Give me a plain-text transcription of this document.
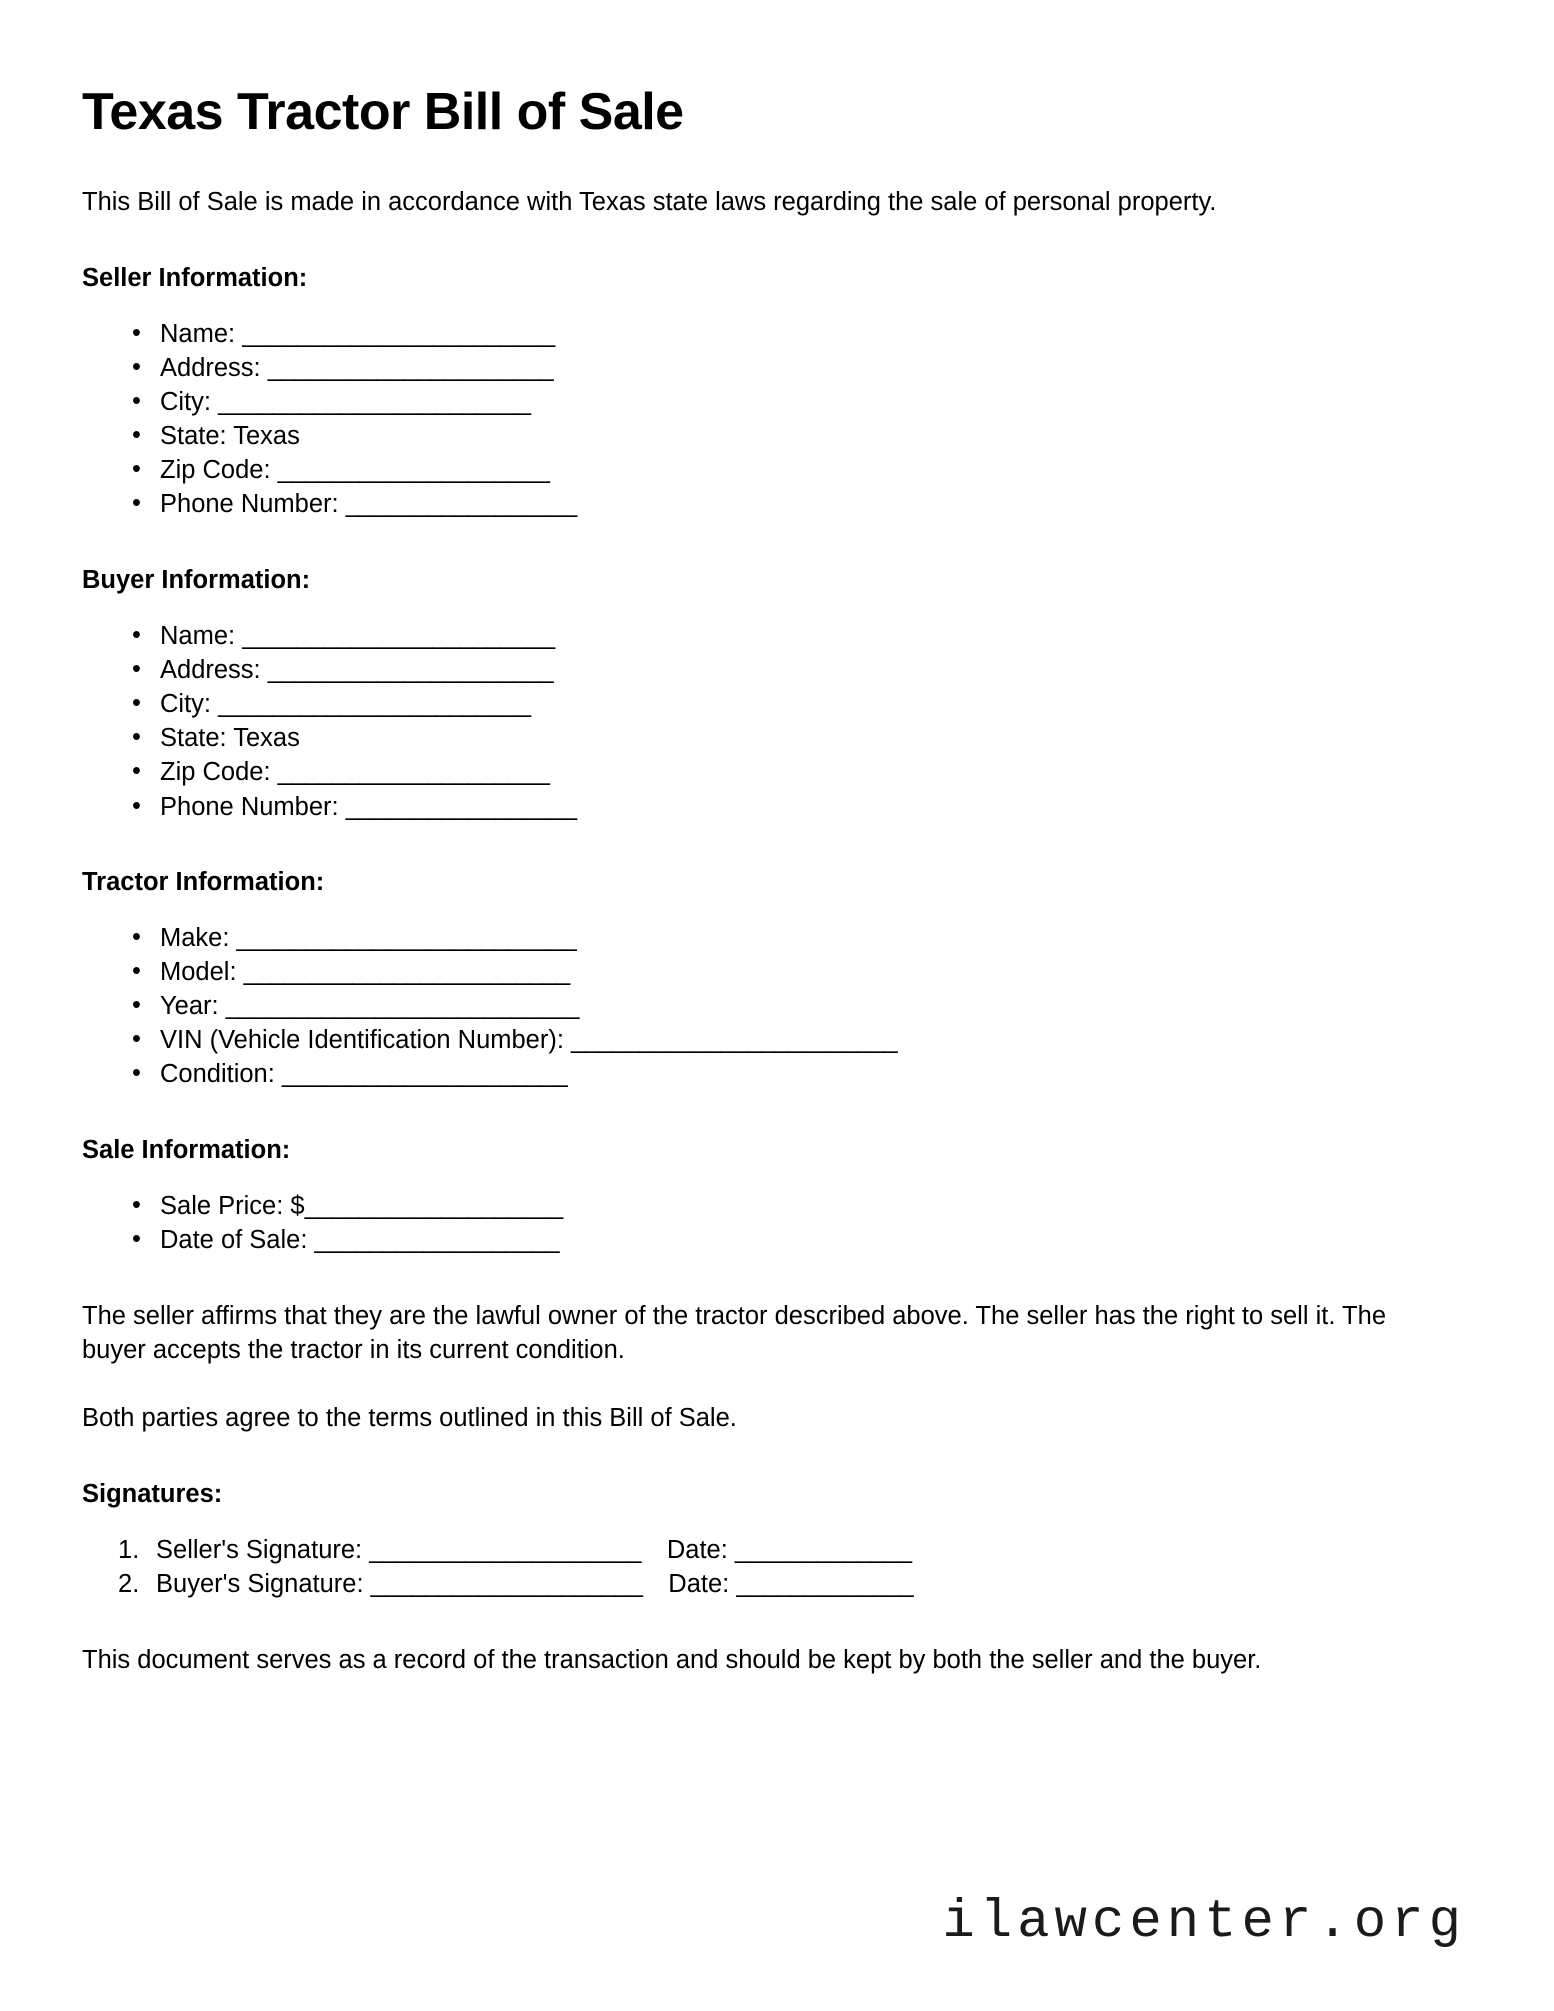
Texas Tractor Bill of Sale

This Bill of Sale is made in accordance with Texas state laws regarding the sale of personal property.

Seller Information:
• Name: _______________________
• Address: _____________________
• City: _______________________
• State: Texas
• Zip Code: ____________________
• Phone Number: _________________
Buyer Information:
• Name: _______________________
• Address: _____________________
• City: _______________________
• State: Texas
• Zip Code: ____________________
• Phone Number: _________________
Tractor Information:
• Make: _________________________
• Model: ________________________
• Year: __________________________
• VIN (Vehicle Identification Number): ________________________
• Condition: _____________________
Sale Information:
• Sale Price: $___________________
• Date of Sale: __________________

The seller affirms that they are the lawful owner of the tractor described above. The seller has the right to sell it. The buyer accepts the tractor in its current condition.

Both parties agree to the terms outlined in this Bill of Sale.

Signatures:
Seller's Signature: ____________________ Date: _____________
Buyer's Signature: ____________________ Date: _____________

This document serves as a record of the transaction and should be kept by both the seller and the buyer.

ilawcenter.org
